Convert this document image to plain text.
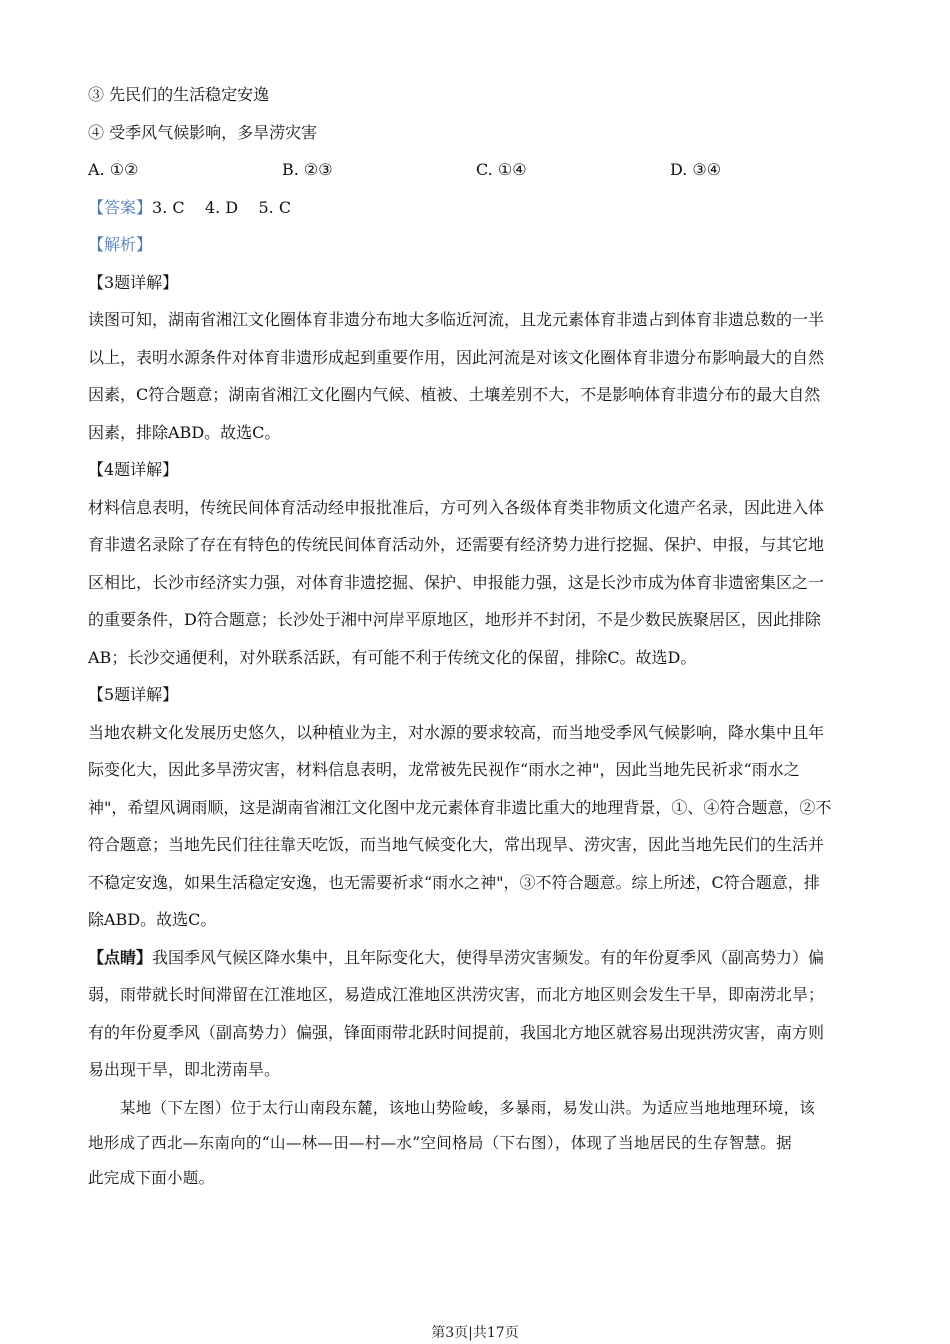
③ 先民们的生活稳定安逸
④ 受季风气候影响，多旱涝灾害
A. ①②	B. ②③	C. ①④	D. ③④
【答案】3. C    4. D    5. C
【解析】
【3题详解】

读图可知，湖南省湘江文化圈体育非遗分布地大多临近河流，且龙元素体育非遗占到体育非遗总数的一半

以上，表明水源条件对体育非遗形成起到重要作用，因此河流是对该文化圈体育非遗分布影响最大的自然

因素，C符合题意；湖南省湘江文化圈内气候、植被、土壤差别不大，不是影响体育非遗分布的最大自然

因素，排除ABD。故选C。

【4题详解】

材料信息表明，传统民间体育活动经申报批准后，方可列入各级体育类非物质文化遗产名录，因此进入体

育非遗名录除了存在有特色的传统民间体育活动外，还需要有经济势力进行挖掘、保护、申报，与其它地

区相比，长沙市经济实力强，对体育非遗挖掘、保护、申报能力强，这是长沙市成为体育非遗密集区之一

的重要条件，D符合题意；长沙处于湘中河岸平原地区，地形并不封闭，不是少数民族聚居区，因此排除

AB；长沙交通便利，对外联系活跃，有可能不利于传统文化的保留，排除C。故选D。

【5题详解】

当地农耕文化发展历史悠久，以种植业为主，对水源的要求较高，而当地受季风气候影响，降水集中且年

际变化大，因此多旱涝灾害，材料信息表明，龙常被先民视作“雨水之神"，因此当地先民祈求“雨水之

神"，希望风调雨顺，这是湖南省湘江文化图中龙元素体育非遗比重大的地理背景，①、④符合题意，②不

符合题意；当地先民们往往靠天吃饭，而当地气候变化大，常出现旱、涝灾害，因此当地先民们的生活并

不稳定安逸，如果生活稳定安逸，也无需要祈求“雨水之神"，③不符合题意。综上所述，C符合题意，排

除ABD。故选C。

【点睛】我国季风气候区降水集中，且年际变化大，使得旱涝灾害频发。有的年份夏季风（副高势力）偏

弱，雨带就长时间滞留在江淮地区，易造成江淮地区洪涝灾害，而北方地区则会发生干旱，即南涝北旱；

有的年份夏季风（副高势力）偏强，锋面雨带北跃时间提前，我国北方地区就容易出现洪涝灾害，南方则

易出现干旱，即北涝南旱。

某地（下左图）位于太行山南段东麓，该地山势险峻，多暴雨，易发山洪。为适应当地地理环境，该

地形成了西北—东南向的“山—林—田—村—水”空间格局（下右图），体现了当地居民的生存智慧。据

此完成下面小题。

第3页|共17页
